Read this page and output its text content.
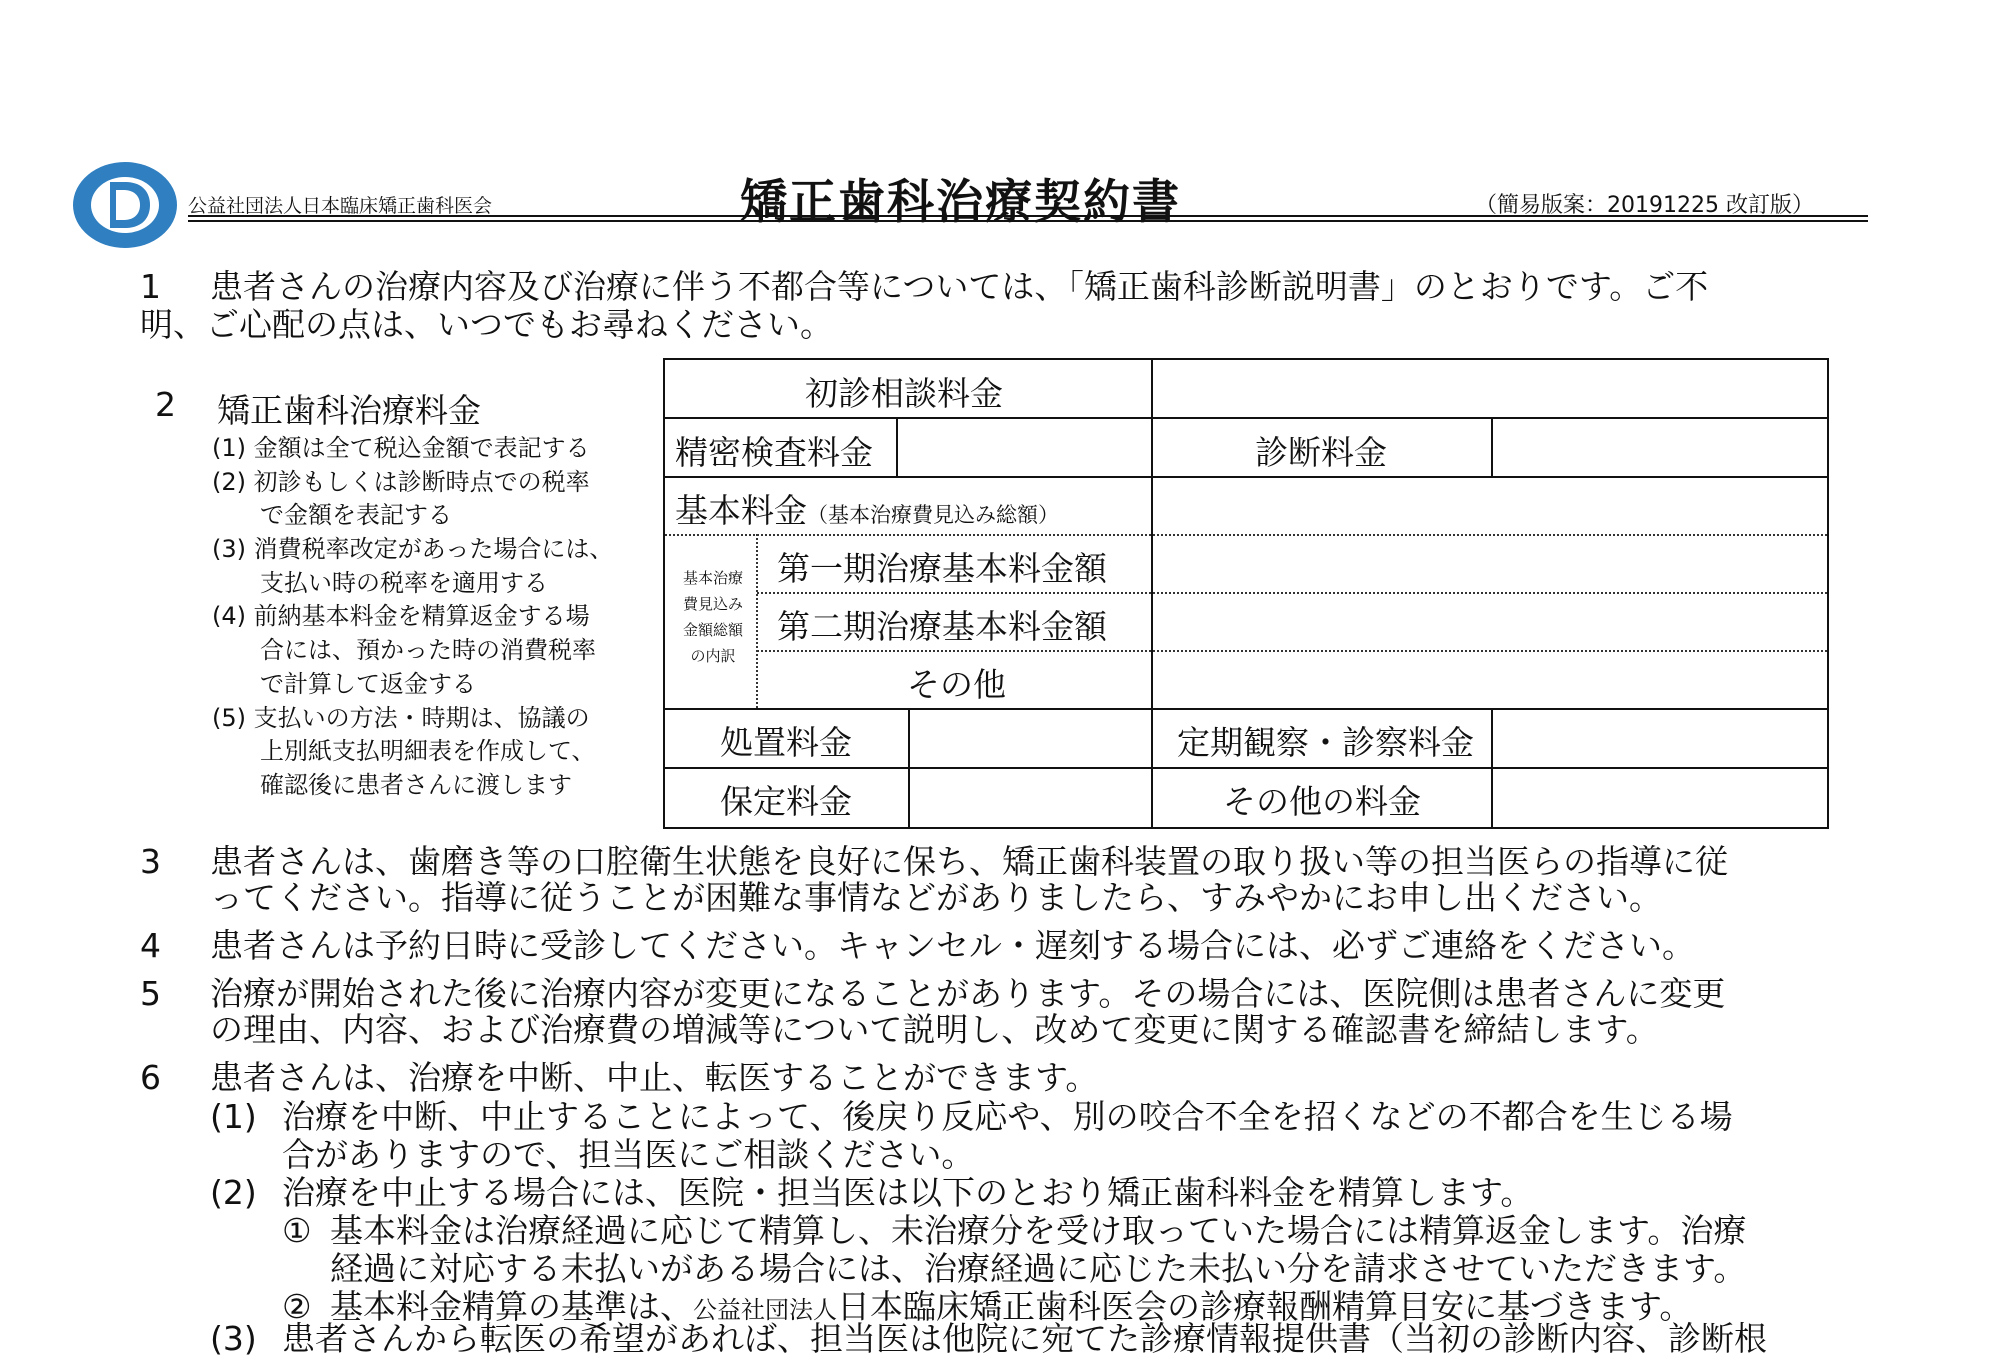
公益社団法人日本臨床矯正歯科医会	矯正歯科治療契約書	（簡易版案：20191225 改訂版）
1 患者さんの治療内容及び治療に伴う不都合等については、「矯正歯科診断説明書」のとおりです。ご不
明、ご心配の点は、いつでもお尋ねください。
2 矯正歯科治療料金
(1) 金額は全て税込金額で表記する
(2) 初診もしくは診断時点での税率
　　で金額を表記する
(3) 消費税率改定があった場合には、
　　支払い時の税率を適用する
(4) 前納基本料金を精算返金する場
　　合には、預かった時の消費税率
　　で計算して返金する
(5) 支払いの方法・時期は、協議の
　　上別紙支払明細表を作成して、
　　確認後に患者さんに渡します
初診相談料金
精密検査料金	診断料金
基本料金（基本治療費見込み総額）
基本治療
費見込み
金額総額
の内訳
第一期治療基本料金額
第二期治療基本料金額
その他
処置料金	定期観察・診察料金
保定料金	その他の料金
3 患者さんは、歯磨き等の口腔衛生状態を良好に保ち、矯正歯科装置の取り扱い等の担当医らの指導に従
ってください。指導に従うことが困難な事情などがありましたら、すみやかにお申し出ください。
4 患者さんは予約日時に受診してください。キャンセル・遅刻する場合には、必ずご連絡をください。
5 治療が開始された後に治療内容が変更になることがあります。その場合には、医院側は患者さんに変更
の理由、内容、および治療費の増減等について説明し、改めて変更に関する確認書を締結します。
6 患者さんは、治療を中断、中止、転医することができます。
(1) 治療を中断、中止することによって、後戻り反応や、別の咬合不全を招くなどの不都合を生じる場
合がありますので、担当医にご相談ください。
(2) 治療を中止する場合には、医院・担当医は以下のとおり矯正歯科料金を精算します。
① 基本料金は治療経過に応じて精算し、未治療分を受け取っていた場合には精算返金します。治療
経過に対応する未払いがある場合には、治療経過に応じた未払い分を請求させていただきます。
② 基本料金精算の基準は、公益社団法人日本臨床矯正歯科医会の診療報酬精算目安に基づきます。
(3) 患者さんから転医の希望があれば、担当医は他院に宛てた診療情報提供書（当初の診断内容、診断根
